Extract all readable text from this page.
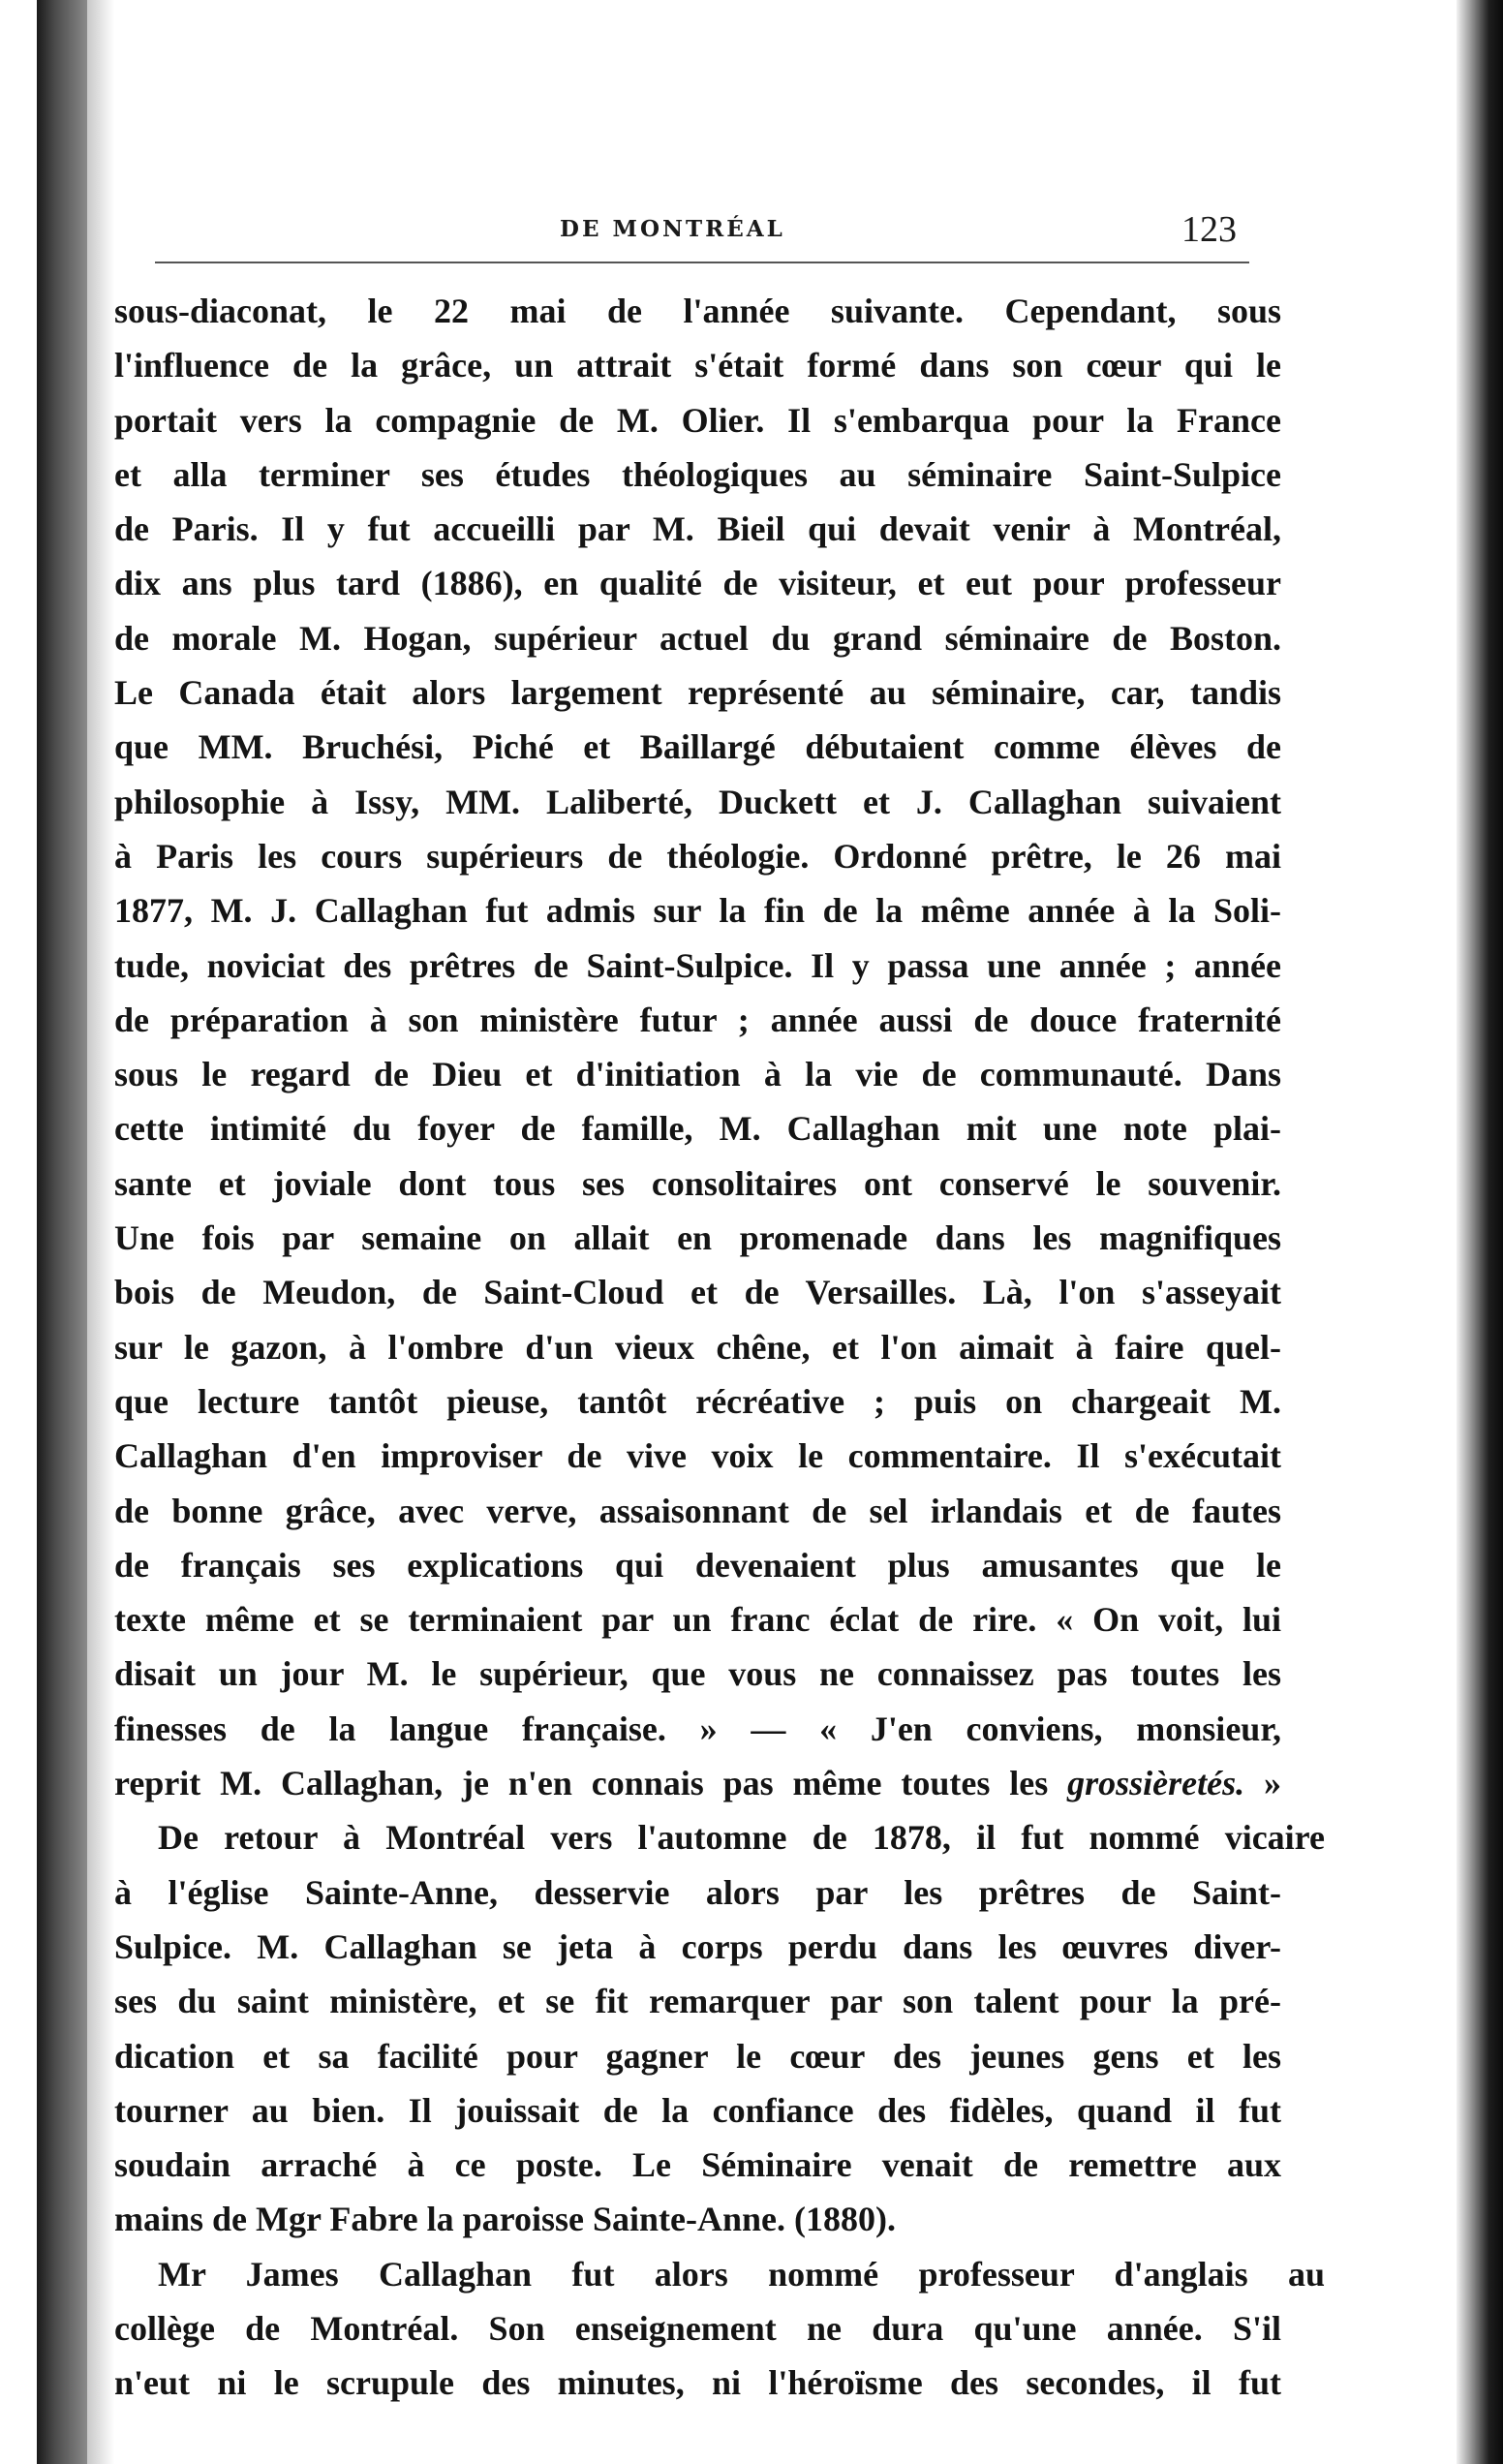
DE MONTRÉAL	123
sous-diaconat, le 22 mai de l'année suivante. Cependant, sous
l'influence de la grâce, un attrait s'était formé dans son cœur qui le
portait vers la compagnie de M. Olier. Il s'embarqua pour la France
et alla terminer ses études théologiques au séminaire Saint-Sulpice
de Paris. Il y fut accueilli par M. Bieil qui devait venir à Montréal,
dix ans plus tard (1886), en qualité de visiteur, et eut pour professeur
de morale M. Hogan, supérieur actuel du grand séminaire de Boston.
Le Canada était alors largement représenté au séminaire, car, tandis
que MM. Bruchési, Piché et Baillargé débutaient comme élèves de
philosophie à Issy, MM. Laliberté, Duckett et J. Callaghan suivaient
à Paris les cours supérieurs de théologie. Ordonné prêtre, le 26 mai
1877, M. J. Callaghan fut admis sur la fin de la même année à la Soli-
tude, noviciat des prêtres de Saint-Sulpice. Il y passa une année ; année
de préparation à son ministère futur ; année aussi de douce fraternité
sous le regard de Dieu et d'initiation à la vie de communauté. Dans
cette intimité du foyer de famille, M. Callaghan mit une note plai-
sante et joviale dont tous ses consolitaires ont conservé le souvenir.
Une fois par semaine on allait en promenade dans les magnifiques
bois de Meudon, de Saint-Cloud et de Versailles. Là, l'on s'asseyait
sur le gazon, à l'ombre d'un vieux chêne, et l'on aimait à faire quel-
que lecture tantôt pieuse, tantôt récréative ; puis on chargeait M.
Callaghan d'en improviser de vive voix le commentaire. Il s'exécutait
de bonne grâce, avec verve, assaisonnant de sel irlandais et de fautes
de français ses explications qui devenaient plus amusantes que le
texte même et se terminaient par un franc éclat de rire. « On voit, lui
disait un jour M. le supérieur, que vous ne connaissez pas toutes les
finesses de la langue française. » — « J'en conviens, monsieur,
reprit M. Callaghan, je n'en connais pas même toutes les grossièretés. »
De retour à Montréal vers l'automne de 1878, il fut nommé vicaire
à l'église Sainte-Anne, desservie alors par les prêtres de Saint-
Sulpice. M. Callaghan se jeta à corps perdu dans les œuvres diver-
ses du saint ministère, et se fit remarquer par son talent pour la pré-
dication et sa facilité pour gagner le cœur des jeunes gens et les
tourner au bien. Il jouissait de la confiance des fidèles, quand il fut
soudain arraché à ce poste. Le Séminaire venait de remettre aux
mains de Mgr Fabre la paroisse Sainte-Anne. (1880).
Mr James Callaghan fut alors nommé professeur d'anglais au
collège de Montréal. Son enseignement ne dura qu'une année. S'il
n'eut ni le scrupule des minutes, ni l'héroïsme des secondes, il fut
